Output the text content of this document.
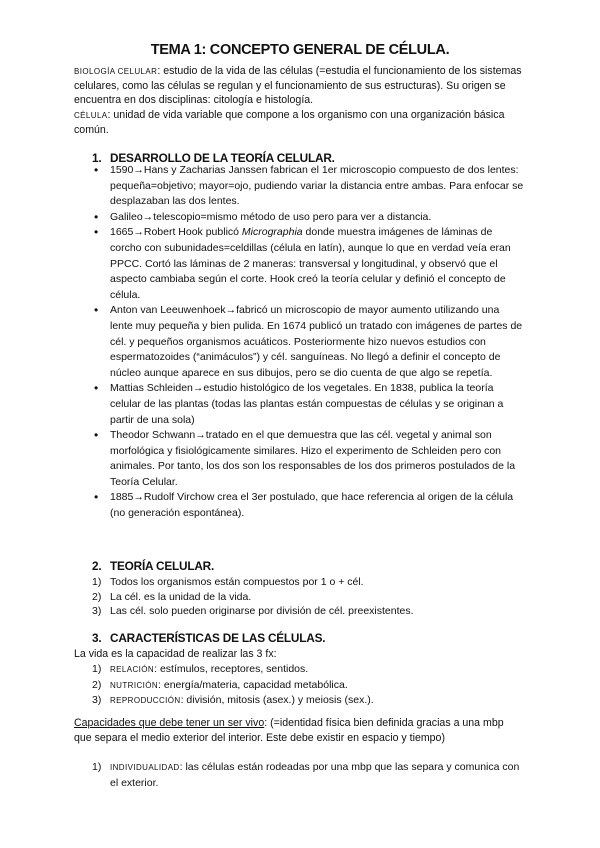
TEMA 1: CONCEPTO GENERAL DE CÉLULA.
BIOLOGÍA CELULAR: estudio de la vida de las células (=estudia el funcionamiento de los sistemas celulares, como las células se regulan y el funcionamiento de sus estructuras). Su origen se encuentra en dos disciplinas: citología e histología.
CÉLULA: unidad de vida variable que compone a los organismo con una organización básica común.
1. DESARROLLO DE LA TEORÍA CELULAR.
• 1590→Hans y Zacharias Janssen fabrican el 1er microscopio compuesto de dos lentes: pequeña=objetivo; mayor=ojo, pudiendo variar la distancia entre ambas. Para enfocar se desplazaban las dos lentes.
• Galileo→telescopio=mismo método de uso pero para ver a distancia.
• 1665→Robert Hook publicó Micrographia donde muestra imágenes de láminas de corcho con subunidades=celdillas (célula en latín), aunque lo que en verdad veía eran PPCC. Cortó las láminas de 2 maneras: transversal y longitudinal, y observó que el aspecto cambiaba según el corte. Hook creó la teoría celular y definió el concepto de célula.
• Anton van Leeuwenhoek→fabricó un microscopio de mayor aumento utilizando una lente muy pequeña y bien pulida. En 1674 publicó un tratado con imágenes de partes de cél. y pequeños organismos acuáticos. Posteriormente hizo nuevos estudios con espermatozoides (“animáculos”) y cél. sanguíneas. No llegó a definir el concepto de núcleo aunque aparece en sus dibujos, pero se dio cuenta de que algo se repetía.
• Mattias Schleiden→estudio histológico de los vegetales. En 1838, publica la teoría celular de las plantas (todas las plantas están compuestas de células y se originan a partir de una sola)
• Theodor Schwann→tratado en el que demuestra que las cél. vegetal y animal son morfológica y fisiológicamente similares. Hizo el experimento de Schleiden pero con animales. Por tanto, los dos son los responsables de los dos primeros postulados de la Teoría Celular.
• 1885→Rudolf Virchow crea el 3er postulado, que hace referencia al origen de la célula (no generación espontánea).
2. TEORÍA CELULAR.
1) Todos los organismos están compuestos por 1 o + cél.
2) La cél. es la unidad de la vida.
3) Las cél. solo pueden originarse por división de cél. preexistentes.
3. CARACTERÍSTICAS DE LAS CÉLULAS.
La vida es la capacidad de realizar las 3 fx:
1) RELACIÓN: estímulos, receptores, sentidos.
2) NUTRICIÓN: energía/materia, capacidad metabólica.
3) REPRODUCCIÓN: división, mitosis (asex.) y meiosis (sex.).
Capacidades que debe tener un ser vivo: (=identidad física bien definida gracias a una mbp que separa el medio exterior del interior. Este debe existir en espacio y tiempo)
1) INDIVIDUALIDAD: las células están rodeadas por una mbp que las separa y comunica con el exterior.
